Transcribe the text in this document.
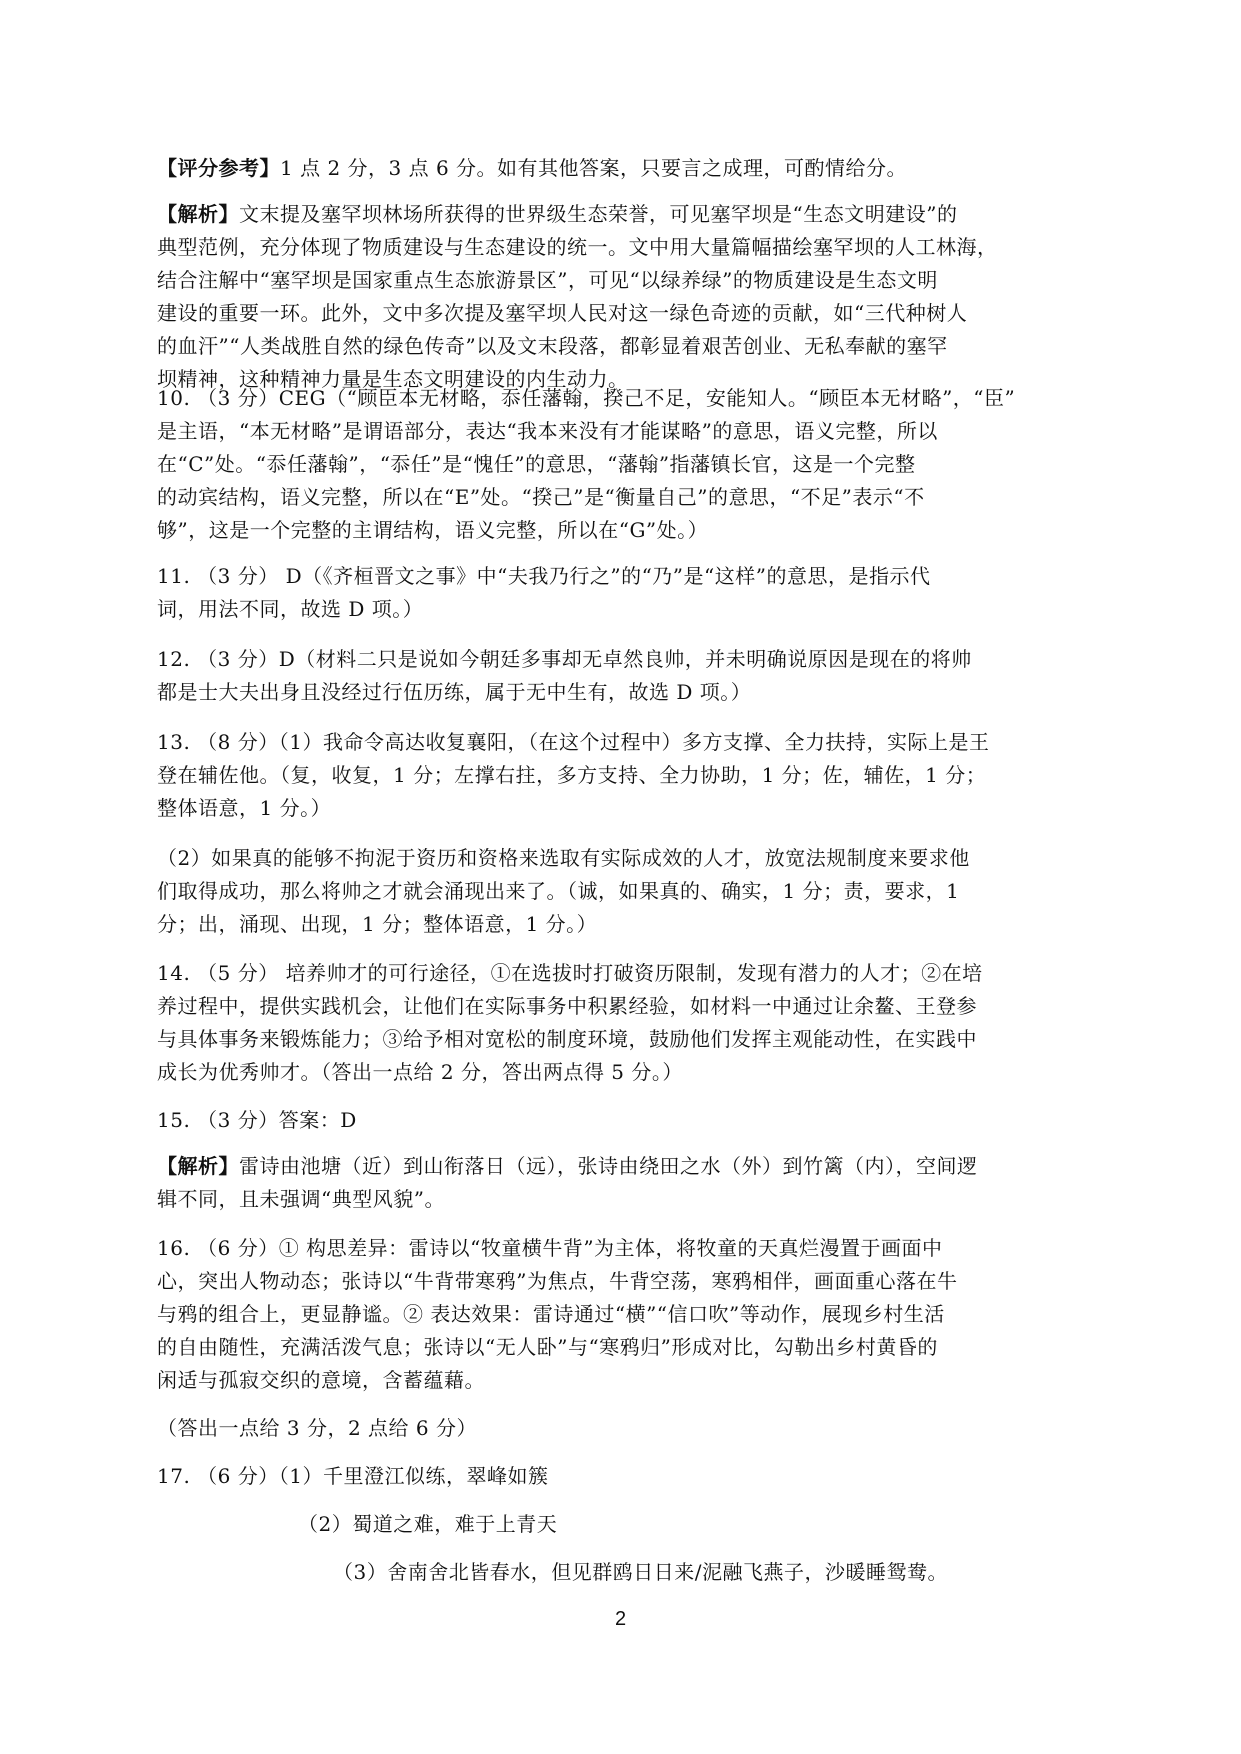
【评分参考】1 点 2 分，3 点 6 分。如有其他答案，只要言之成理，可酌情给分。
【解析】文末提及塞罕坝林场所获得的世界级生态荣誉，可见塞罕坝是“生态文明建设”的
典型范例，充分体现了物质建设与生态建设的统一。文中用大量篇幅描绘塞罕坝的人工林海，
结合注解中“塞罕坝是国家重点生态旅游景区”，可见“以绿养绿”的物质建设是生态文明
建设的重要一环。此外，文中多次提及塞罕坝人民对这一绿色奇迹的贡献，如“三代种树人
的血汗”“人类战胜自然的绿色传奇”以及文末段落，都彰显着艰苦创业、无私奉献的塞罕
坝精神，这种精神力量是生态文明建设的内生动力。
10. （3 分）CEG（“顾臣本无材略，忝任藩翰，揆己不足，安能知人。“顾臣本无材略”，“臣”
是主语，“本无材略”是谓语部分，表达“我本来没有才能谋略”的意思，语义完整，所以
在“C”处。“忝任藩翰”，“忝任”是“愧任”的意思，“藩翰”指藩镇长官，这是一个完整
的动宾结构，语义完整，所以在“E”处。“揆己”是“衡量自己”的意思，“不足”表示“不
够”，这是一个完整的主谓结构，语义完整，所以在“G”处。）
11. （3 分） D（《齐桓晋文之事》中“夫我乃行之”的“乃”是“这样”的意思，是指示代
词，用法不同，故选 D 项。）
12. （3 分）D（材料二只是说如今朝廷多事却无卓然良帅，并未明确说原因是现在的将帅
都是士大夫出身且没经过行伍历练，属于无中生有，故选 D 项。）
13. （8 分）（1）我命令高达收复襄阳，（在这个过程中）多方支撑、全力扶持，实际上是王
登在辅佐他。（复，收复，1 分；左撑右拄，多方支持、全力协助，1 分；佐，辅佐，1 分；
整体语意，1 分。）
（2）如果真的能够不拘泥于资历和资格来选取有实际成效的人才，放宽法规制度来要求他
们取得成功，那么将帅之才就会涌现出来了。（诚，如果真的、确实，1 分；责，要求，1
分；出，涌现、出现，1 分；整体语意，1 分。）
14. （5 分） 培养帅才的可行途径，①在选拔时打破资历限制，发现有潜力的人才；②在培
养过程中，提供实践机会，让他们在实际事务中积累经验，如材料一中通过让余鳌、王登参
与具体事务来锻炼能力；③给予相对宽松的制度环境，鼓励他们发挥主观能动性，在实践中
成长为优秀帅才。（答出一点给 2 分，答出两点得 5 分。）
15. （3 分）答案：D
【解析】雷诗由池塘（近）到山衔落日（远），张诗由绕田之水（外）到竹篱（内），空间逻
辑不同，且未强调“典型风貌”。
16. （6 分）① 构思差异：雷诗以“牧童横牛背”为主体，将牧童的天真烂漫置于画面中
心，突出人物动态；张诗以“牛背带寒鸦”为焦点，牛背空荡，寒鸦相伴，画面重心落在牛
与鸦的组合上，更显静谧。② 表达效果：雷诗通过“横”“信口吹”等动作，展现乡村生活
的自由随性，充满活泼气息；张诗以“无人卧”与“寒鸦归”形成对比，勾勒出乡村黄昏的
闲适与孤寂交织的意境，含蓄蕴藉。
（答出一点给 3 分，2 点给 6 分）
17. （6 分）（1）千里澄江似练，翠峰如簇
（2）蜀道之难，难于上青天
（3）舍南舍北皆春水，但见群鸥日日来/泥融飞燕子，沙暖睡鸳鸯。
2
